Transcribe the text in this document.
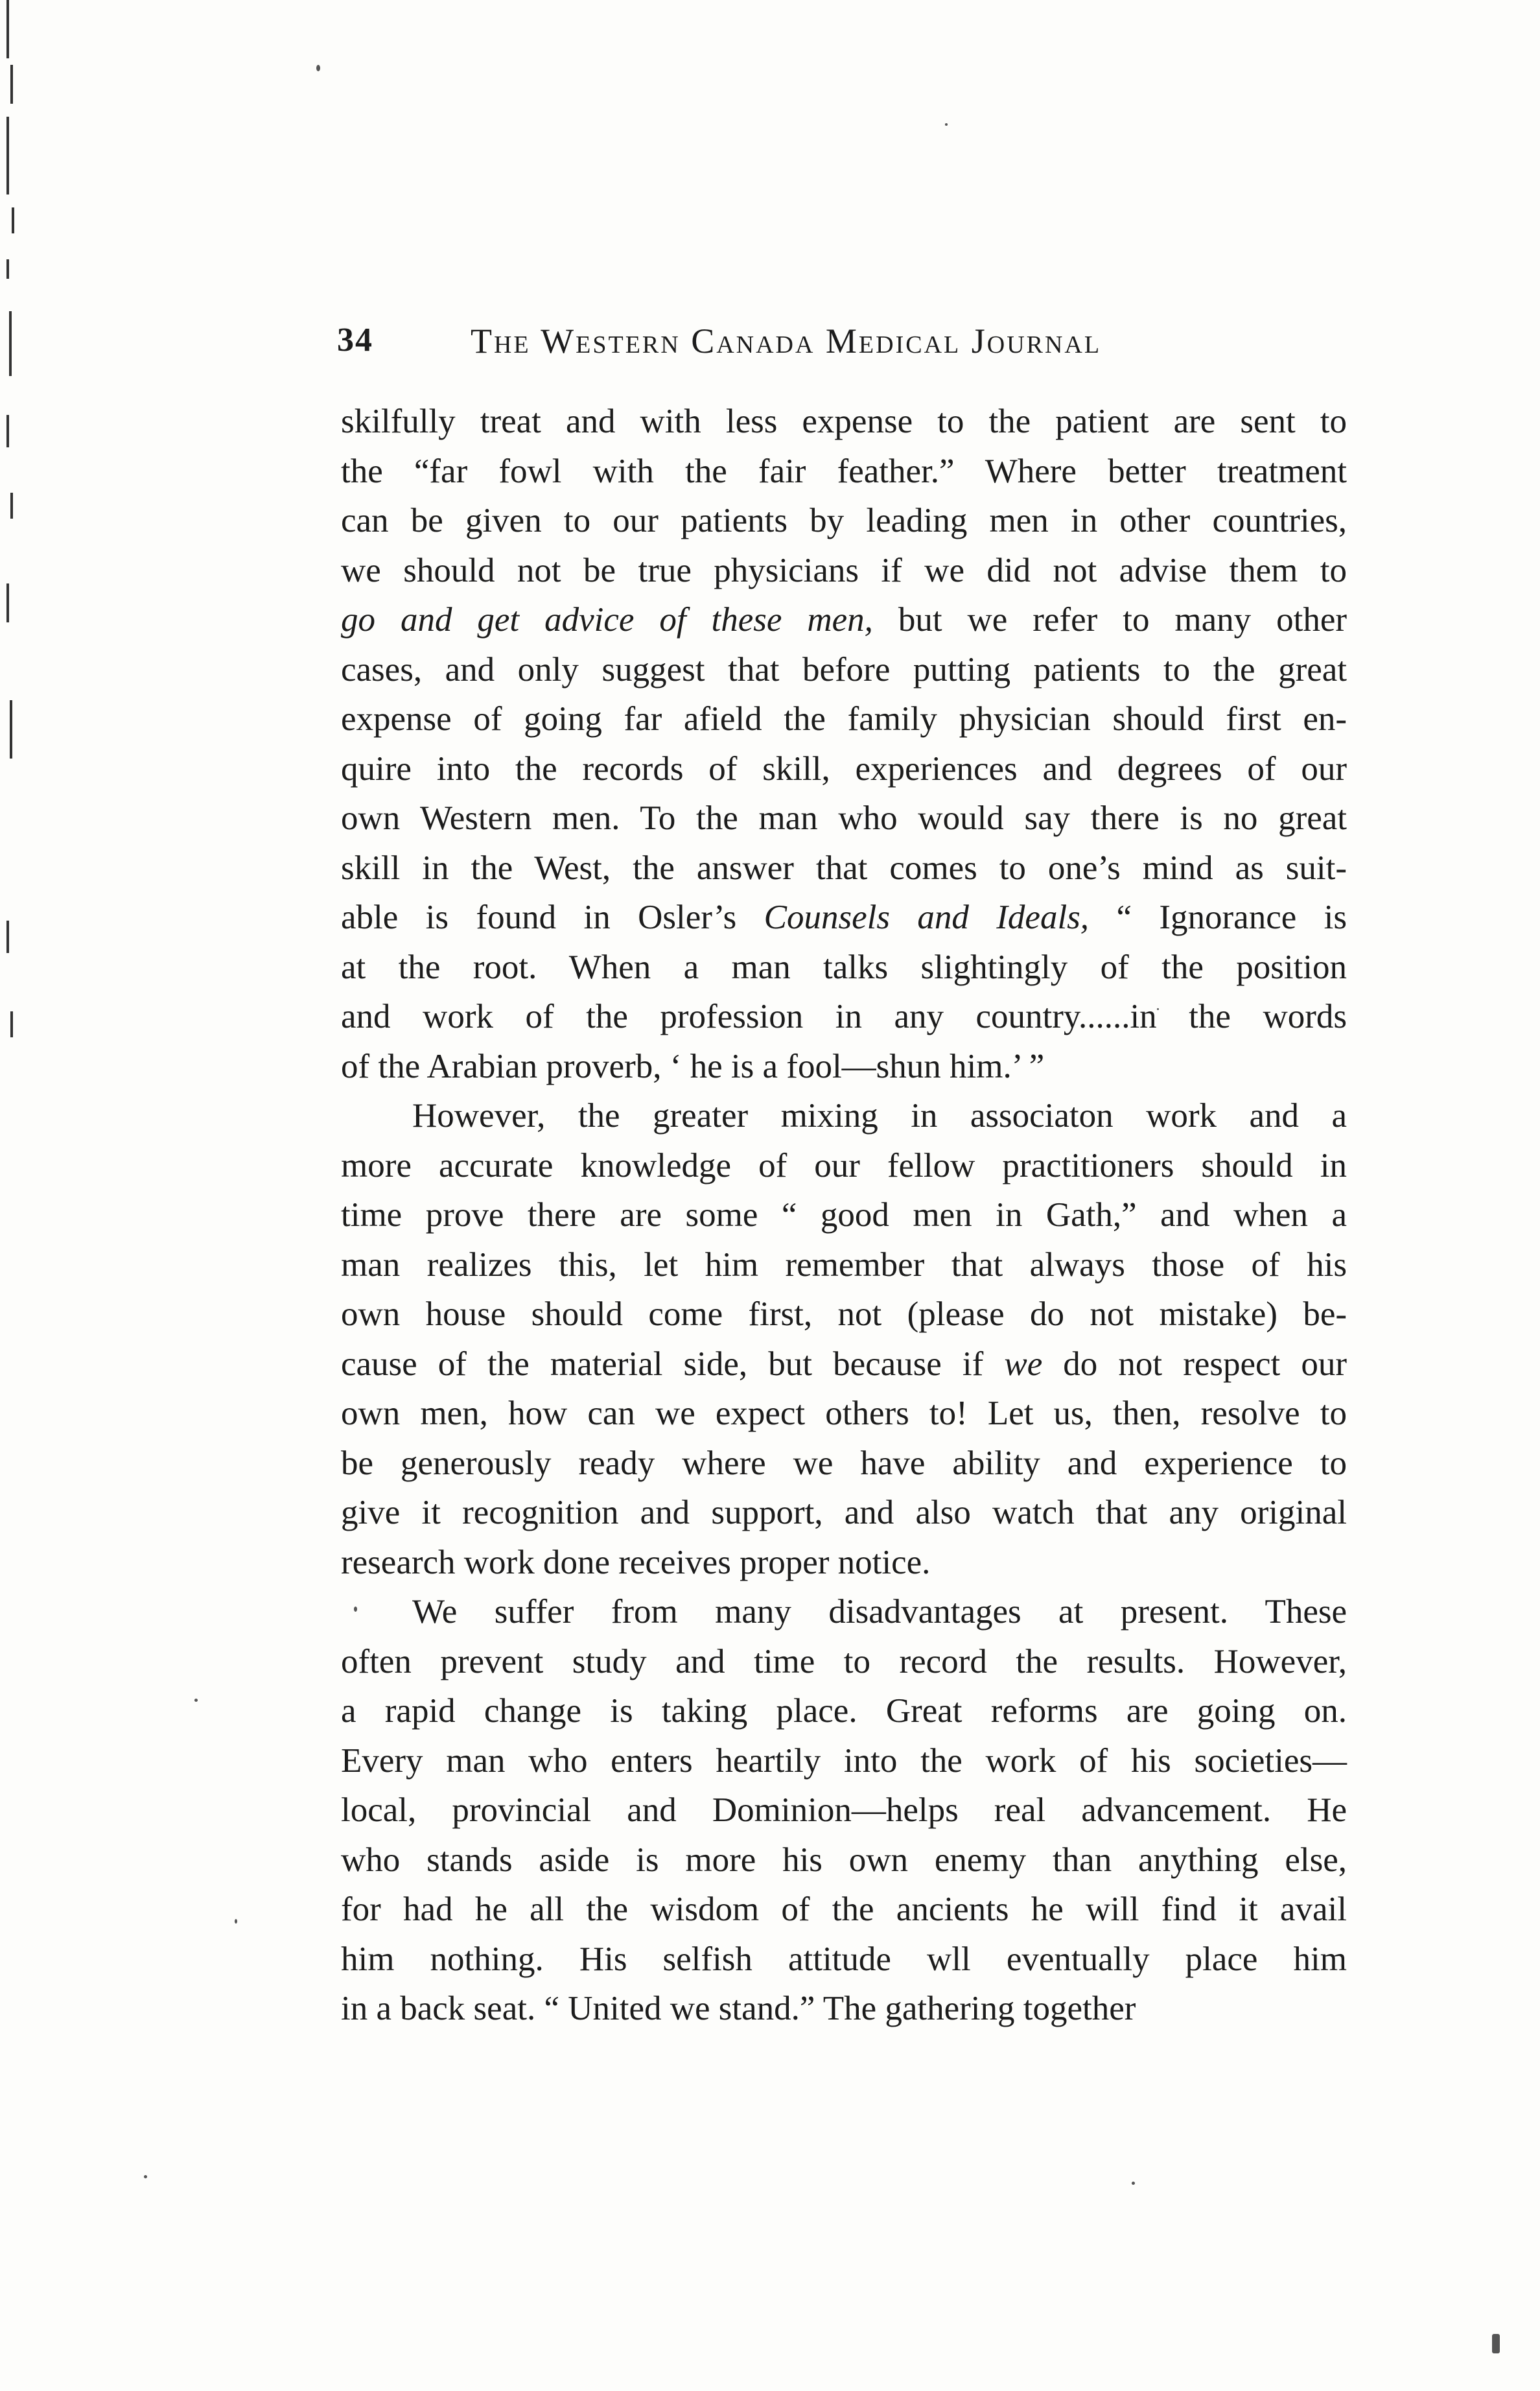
34	The Western Canada Medical Journal
skilfully treat and with less expense to the patient are sent to
the “far fowl with the fair feather.” Where better treatment
can be given to our patients by leading men in other countries,
we should not be true physicians if we did not advise them to
go and get advice of these men, but we refer to many other
cases, and only suggest that before putting patients to the great
expense of going far afield the family physician should first en-
quire into the records of skill, experiences and degrees of our
own Western men. To the man who would say there is no great
skill in the West, the answer that comes to one’s mind as suit-
able is found in Osler’s Counsels and Ideals, “ Ignorance is
at the root. When a man talks slightingly of the position
and work of the profession in any country......in the words
of the Arabian proverb, ‘ he is a fool—shun him.’ ”
However, the greater mixing in associaton work and a
more accurate knowledge of our fellow practitioners should in
time prove there are some “ good men in Gath,” and when a
man realizes this, let him remember that always those of his
own house should come first, not (please do not mistake) be-
cause of the material side, but because if we do not respect our
own men, how can we expect others to! Let us, then, resolve to
be generously ready where we have ability and experience to
give it recognition and support, and also watch that any original
research work done receives proper notice.
We suffer from many disadvantages at present. These
often prevent study and time to record the results. However,
a rapid change is taking place. Great reforms are going on.
Every man who enters heartily into the work of his societies—
local, provincial and Dominion—helps real advancement. He
who stands aside is more his own enemy than anything else,
for had he all the wisdom of the ancients he will find it avail
him nothing. His selfish attitude wll eventually place him
in a back seat. “ United we stand.” The gathering together
